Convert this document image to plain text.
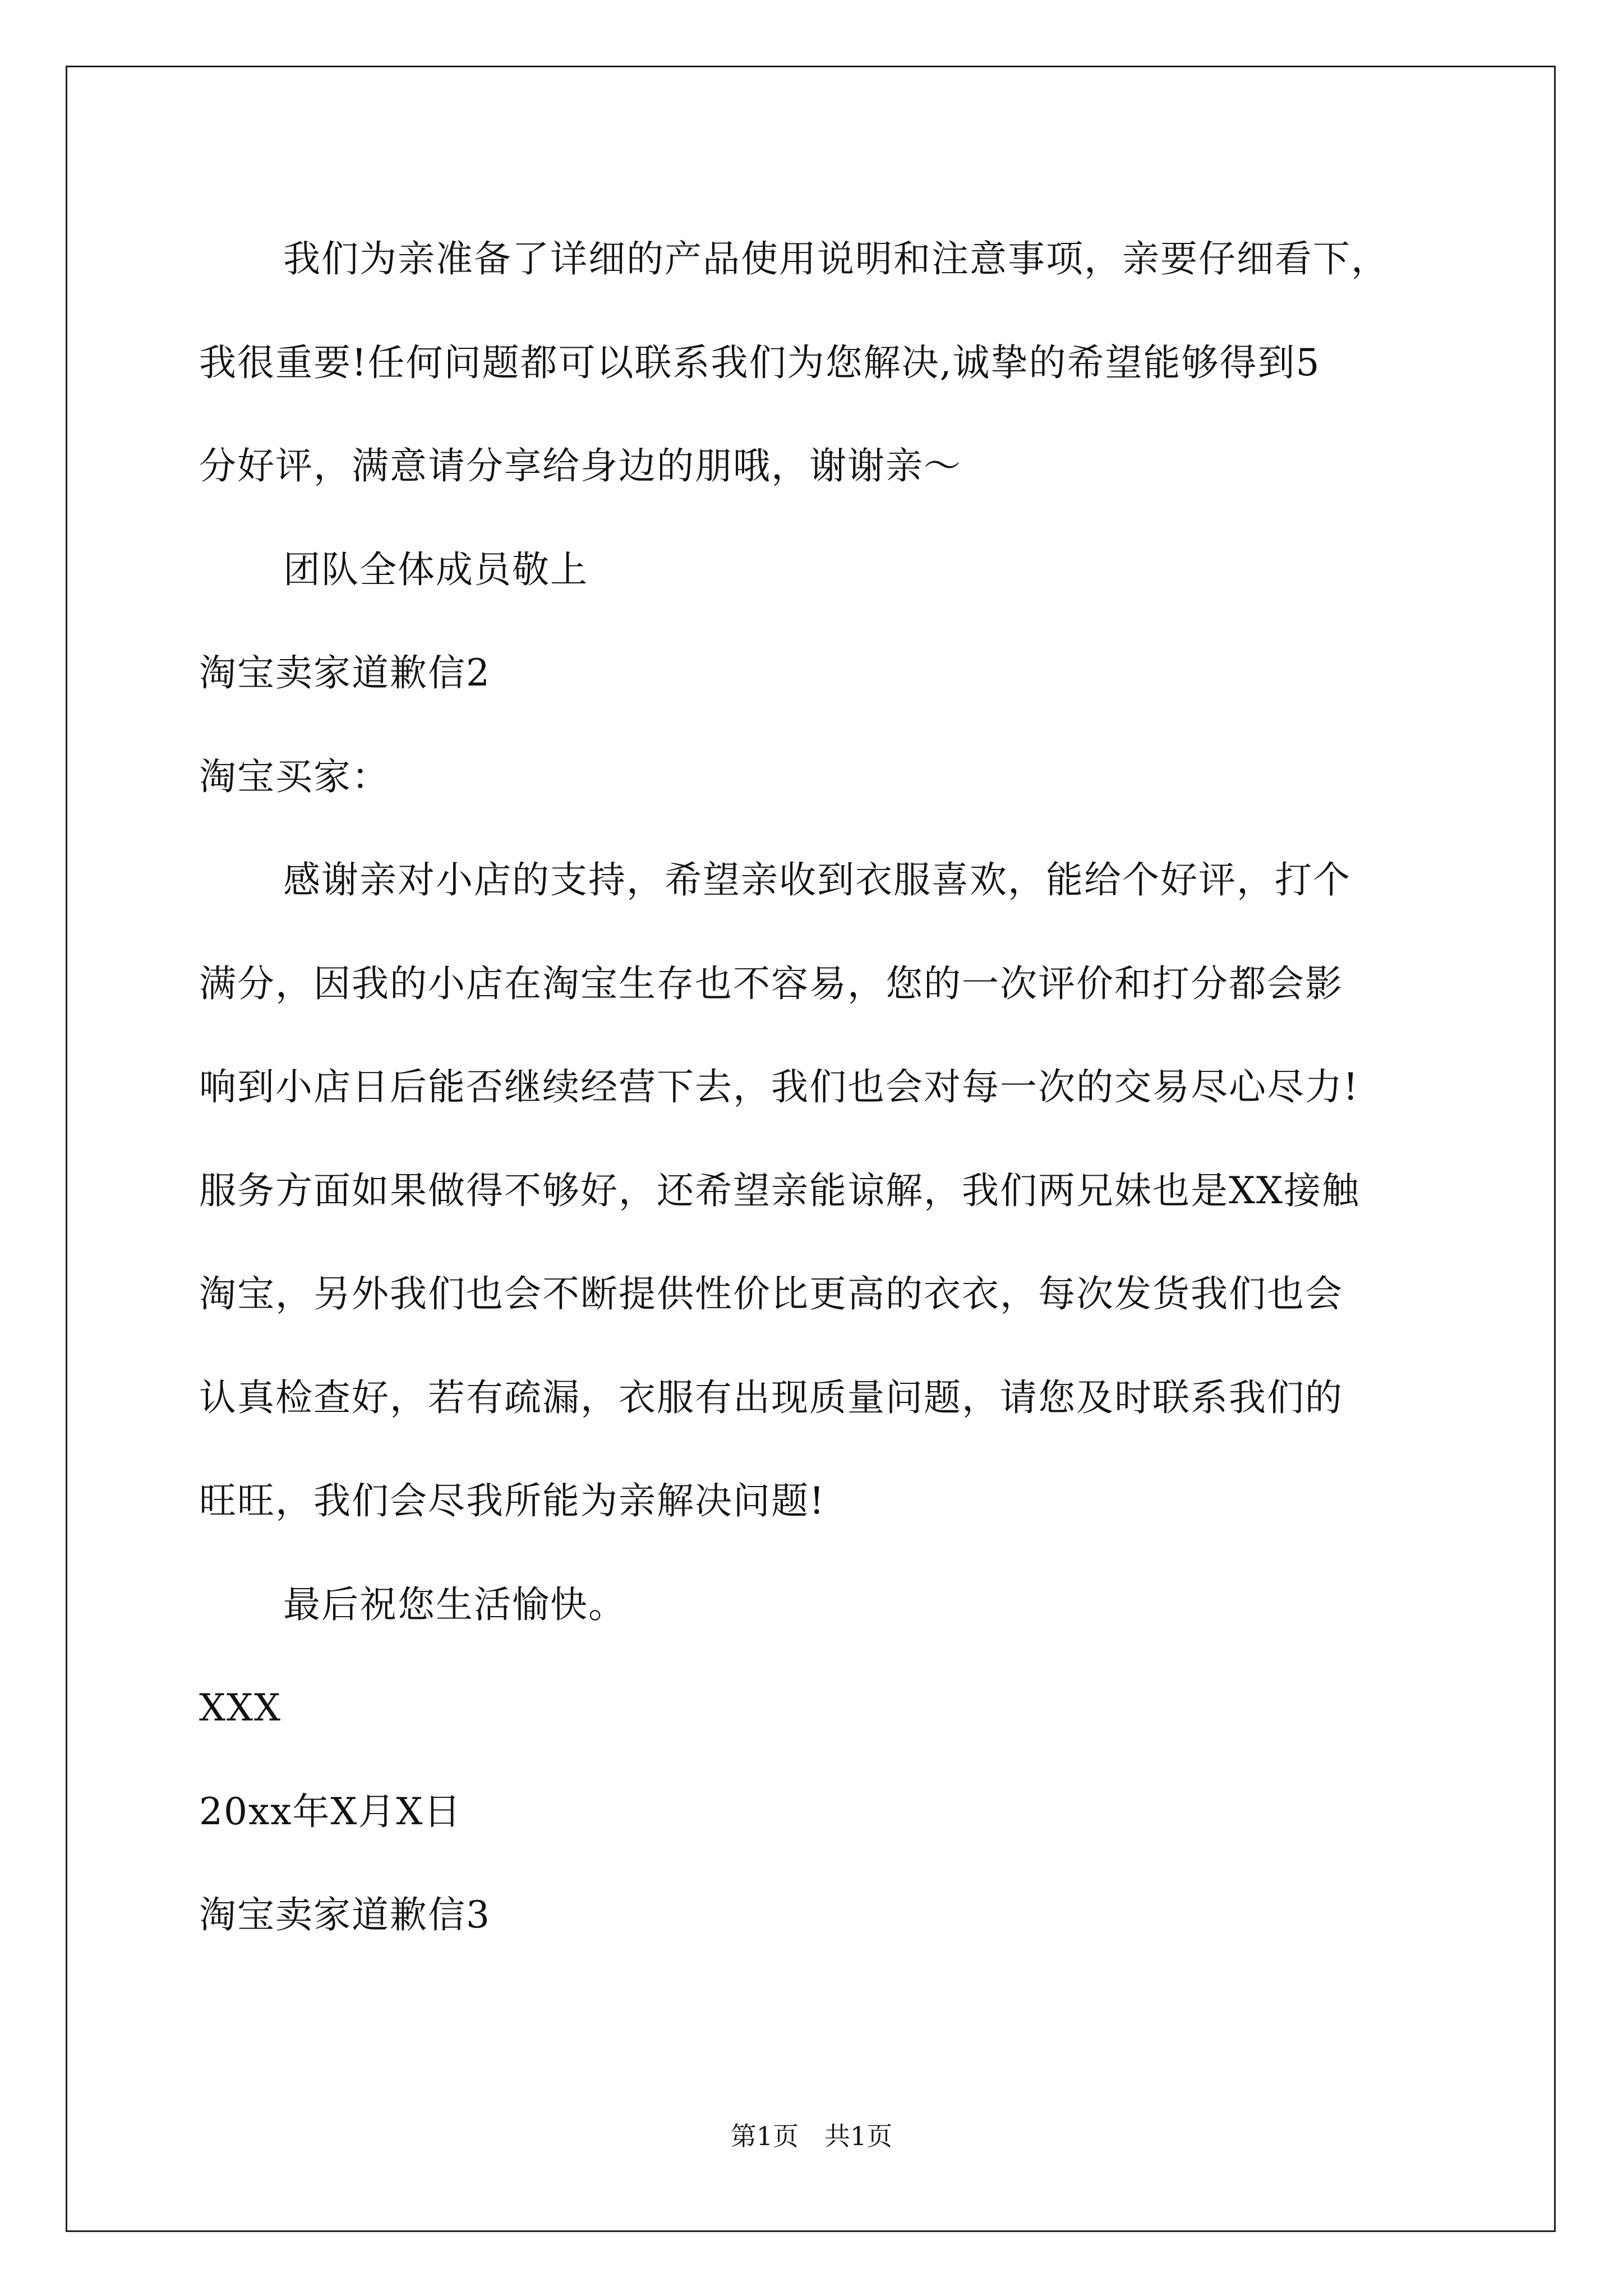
我们为亲准备了详细的产品使用说明和注意事项，亲要仔细看下，
我很重要!任何问题都可以联系我们为您解决,诚挚的希望能够得到5
分好评，满意请分享给身边的朋哦，谢谢亲～
团队全体成员敬上
淘宝卖家道歉信2
淘宝买家：
感谢亲对小店的支持，希望亲收到衣服喜欢，能给个好评，打个
满分，因我的小店在淘宝生存也不容易，您的一次评价和打分都会影
响到小店日后能否继续经营下去，我们也会对每一次的交易尽心尽力!
服务方面如果做得不够好，还希望亲能谅解，我们两兄妹也是XX接触
淘宝，另外我们也会不断提供性价比更高的衣衣，每次发货我们也会
认真检查好，若有疏漏，衣服有出现质量问题，请您及时联系我们的
旺旺，我们会尽我所能为亲解决问题!
最后祝您生活愉快。
XXX
20xx年X月X日
淘宝卖家道歉信3
第1页　共1页
